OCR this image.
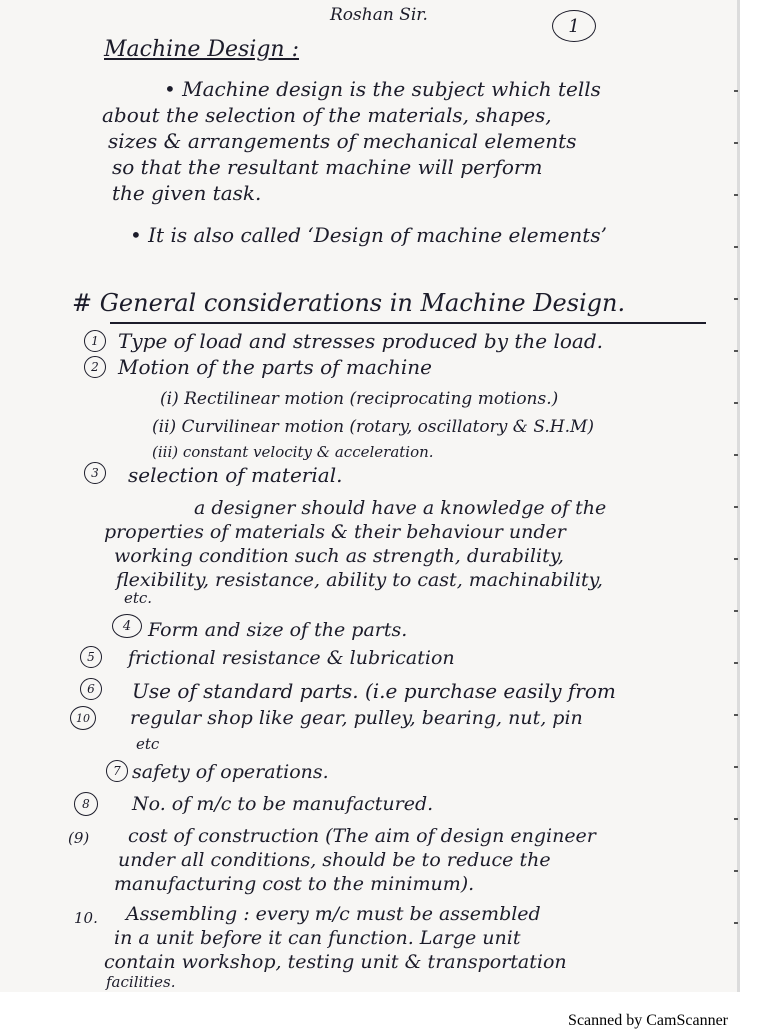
Roshan Sir.

1

Machine Design :

• Machine design is the subject which tells

about the selection of the materials, shapes,

sizes & arrangements of mechanical elements

so that the resultant machine will perform

the given task.

• It is also called ‘Design of machine elements’

# General considerations in Machine Design.

1 Type of load and stresses produced by the load.

2 Motion of the parts of machine

(i) Rectilinear motion (reciprocating motions.)

(ii) Curvilinear motion (rotary, oscillatory & S.H.M)

(iii) constant velocity & acceleration.

3 selection of material.

a designer should have a knowledge of the

properties of materials & their behaviour under

working condition such as strength, durability,

flexibility, resistance, ability to cast, machinability,

etc.

4 Form and size of the parts.

5 frictional resistance & lubrication

6 Use of standard parts. (i.e purchase easily from

10 regular shop like gear, pulley, bearing, nut, pin

etc

7 safety of operations.

8 No. of m/c to be manufactured.

(9) cost of construction (The aim of design engineer

under all conditions, should be to reduce the

manufacturing cost to the minimum).

10. Assembling : every m/c must be assembled

in a unit before it can function. Large unit

contain workshop, testing unit & transportation

facilities.

Scanned by CamScanner
